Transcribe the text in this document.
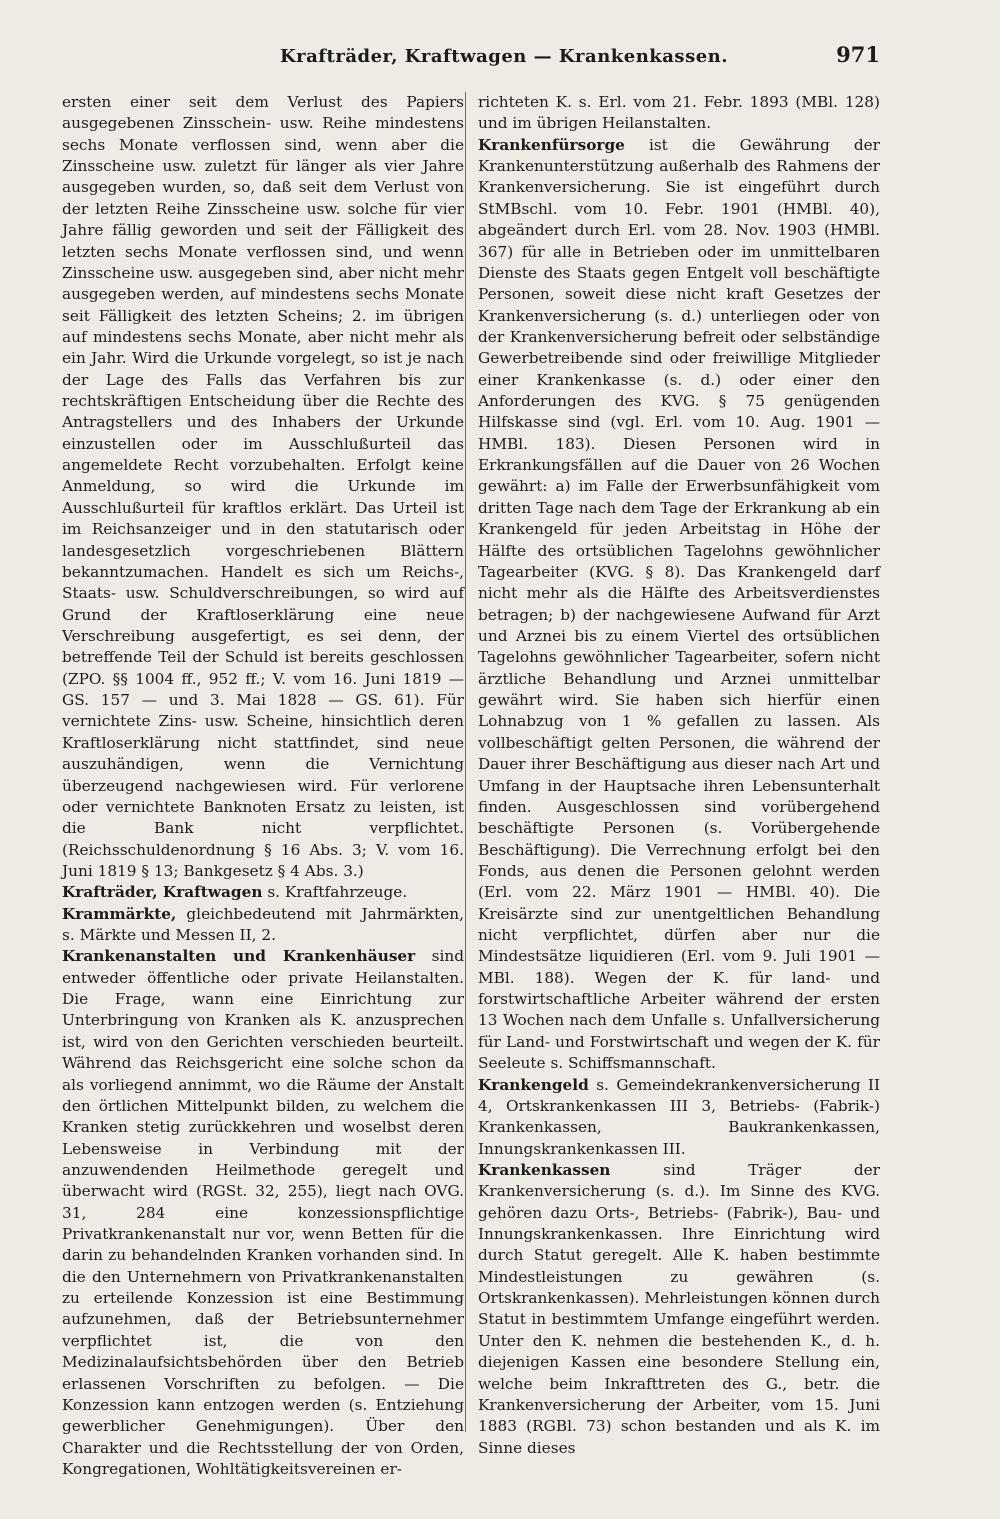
Krafträder, Kraftwagen — Krankenkassen.	971

ersten einer seit dem Verlust des Papiers ausgegebenen Zinsschein- usw. Reihe mindestens sechs Monate verflossen sind, wenn aber die Zinsscheine usw. zuletzt für länger als vier Jahre ausgegeben wurden, so, daß seit dem Verlust von der letzten Reihe Zinsscheine usw. solche für vier Jahre fällig geworden und seit der Fälligkeit des letzten sechs Monate verflossen sind, und wenn Zinsscheine usw. ausgegeben sind, aber nicht mehr ausgegeben werden, auf mindestens sechs Monate seit Fälligkeit des letzten Scheins; 2. im übrigen auf mindestens sechs Monate, aber nicht mehr als ein Jahr. Wird die Urkunde vorgelegt, so ist je nach der Lage des Falls das Verfahren bis zur rechtskräftigen Entscheidung über die Rechte des Antragstellers und des Inhabers der Urkunde einzustellen oder im Ausschlußurteil das angemeldete Recht vorzubehalten. Erfolgt keine Anmeldung, so wird die Urkunde im Ausschlußurteil für kraftlos erklärt. Das Urteil ist im Reichsanzeiger und in den statutarisch oder landesgesetzlich vorgeschriebenen Blättern bekanntzumachen. Handelt es sich um Reichs-, Staats- usw. Schuldverschreibungen, so wird auf Grund der Kraftloserklärung eine neue Verschreibung ausgefertigt, es sei denn, der betreffende Teil der Schuld ist bereits geschlossen (ZPO. §§ 1004 ff., 952 ff.; V. vom 16. Juni 1819 — GS. 157 — und 3. Mai 1828 — GS. 61). Für vernichtete Zins- usw. Scheine, hinsichtlich deren Kraftloserklärung nicht stattfindet, sind neue auszuhändigen, wenn die Vernichtung überzeugend nachgewiesen wird. Für verlorene oder vernichtete Banknoten Ersatz zu leisten, ist die Bank nicht verpflichtet. (Reichsschuldenordnung § 16 Abs. 3; V. vom 16. Juni 1819 § 13; Bankgesetz § 4 Abs. 3.)

Krafträder, Kraftwagen s. Kraftfahrzeuge.

Krammärkte, gleichbedeutend mit Jahrmärkten, s. Märkte und Messen II, 2.

Krankenanstalten und Krankenhäuser sind entweder öffentliche oder private Heilanstalten. Die Frage, wann eine Einrichtung zur Unterbringung von Kranken als K. anzusprechen ist, wird von den Gerichten verschieden beurteilt. Während das Reichsgericht eine solche schon da als vorliegend annimmt, wo die Räume der Anstalt den örtlichen Mittelpunkt bilden, zu welchem die Kranken stetig zurückkehren und woselbst deren Lebensweise in Verbindung mit der anzuwendenden Heilmethode geregelt und überwacht wird (RGSt. 32, 255), liegt nach OVG. 31, 284 eine konzessionspflichtige Privatkrankenanstalt nur vor, wenn Betten für die darin zu behandelnden Kranken vorhanden sind. In die den Unternehmern von Privatkrankenanstalten zu erteilende Konzession ist eine Bestimmung aufzunehmen, daß der Betriebsunternehmer verpflichtet ist, die von den Medizinalaufsichtsbehörden über den Betrieb erlassenen Vorschriften zu befolgen. — Die Konzession kann entzogen werden (s. Entziehung gewerblicher Genehmigungen). Über den Charakter und die Rechtsstellung der von Orden, Kongregationen, Wohltätigkeitsvereinen er-

richteten K. s. Erl. vom 21. Febr. 1893 (MBl. 128) und im übrigen Heilanstalten.

Krankenfürsorge ist die Gewährung der Krankenunterstützung außerhalb des Rahmens der Krankenversicherung. Sie ist eingeführt durch StMBschl. vom 10. Febr. 1901 (HMBl. 40), abgeändert durch Erl. vom 28. Nov. 1903 (HMBl. 367) für alle in Betrieben oder im unmittelbaren Dienste des Staats gegen Entgelt voll beschäftigte Personen, soweit diese nicht kraft Gesetzes der Krankenversicherung (s. d.) unterliegen oder von der Krankenversicherung befreit oder selbständige Gewerbetreibende sind oder freiwillige Mitglieder einer Krankenkasse (s. d.) oder einer den Anforderungen des KVG. § 75 genügenden Hilfskasse sind (vgl. Erl. vom 10. Aug. 1901 — HMBl. 183). Diesen Personen wird in Erkrankungsfällen auf die Dauer von 26 Wochen gewährt: a) im Falle der Erwerbsunfähigkeit vom dritten Tage nach dem Tage der Erkrankung ab ein Krankengeld für jeden Arbeitstag in Höhe der Hälfte des ortsüblichen Tagelohns gewöhnlicher Tagearbeiter (KVG. § 8). Das Krankengeld darf nicht mehr als die Hälfte des Arbeitsverdienstes betragen; b) der nachgewiesene Aufwand für Arzt und Arznei bis zu einem Viertel des ortsüblichen Tagelohns gewöhnlicher Tagearbeiter, sofern nicht ärztliche Behandlung und Arznei unmittelbar gewährt wird. Sie haben sich hierfür einen Lohnabzug von 1 % gefallen zu lassen. Als vollbeschäftigt gelten Personen, die während der Dauer ihrer Beschäftigung aus dieser nach Art und Umfang in der Hauptsache ihren Lebensunterhalt finden. Ausgeschlossen sind vorübergehend beschäftigte Personen (s. Vorübergehende Beschäftigung). Die Verrechnung erfolgt bei den Fonds, aus denen die Personen gelohnt werden (Erl. vom 22. März 1901 — HMBl. 40). Die Kreisärzte sind zur unentgeltlichen Behandlung nicht verpflichtet, dürfen aber nur die Mindestsätze liquidieren (Erl. vom 9. Juli 1901 — MBl. 188). Wegen der K. für land- und forstwirtschaftliche Arbeiter während der ersten 13 Wochen nach dem Unfalle s. Unfallversicherung für Land- und Forstwirtschaft und wegen der K. für Seeleute s. Schiffsmannschaft.

Krankengeld s. Gemeindekrankenversicherung II 4, Ortskrankenkassen III 3, Betriebs- (Fabrik-) Krankenkassen, Baukrankenkassen, Innungskrankenkassen III.

Krankenkassen sind Träger der Krankenversicherung (s. d.). Im Sinne des KVG. gehören dazu Orts-, Betriebs- (Fabrik-), Bau- und Innungskrankenkassen. Ihre Einrichtung wird durch Statut geregelt. Alle K. haben bestimmte Mindestleistungen zu gewähren (s. Ortskrankenkassen). Mehrleistungen können durch Statut in bestimmtem Umfange eingeführt werden. Unter den K. nehmen die bestehenden K., d. h. diejenigen Kassen eine besondere Stellung ein, welche beim Inkrafttreten des G., betr. die Krankenversicherung der Arbeiter, vom 15. Juni 1883 (RGBl. 73) schon bestanden und als K. im Sinne dieses
